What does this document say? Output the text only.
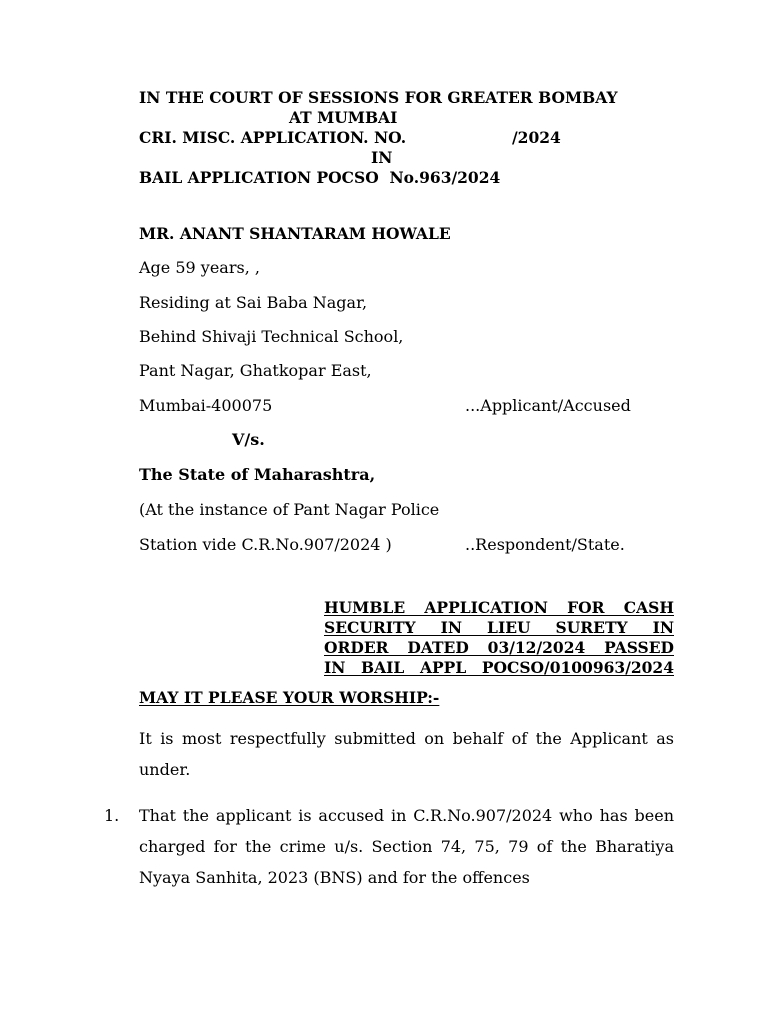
IN THE COURT OF SESSIONS FOR GREATER BOMBAY
AT MUMBAI
CRI. MISC. APPLICATION. NO.	/2024
IN
BAIL APPLICATION POCSO  No.963/2024
MR. ANANT SHANTARAM HOWALE
Age 59 years, ,
Residing at Sai Baba Nagar,
Behind Shivaji Technical School,
Pant Nagar, Ghatkopar East,
Mumbai-400075	...Applicant/Accused
V/s.
The State of Maharashtra,
(At the instance of Pant Nagar Police
Station vide C.R.No.907/2024 )	..Respondent/State.
HUMBLE APPLICATION FOR CASH
SECURITY IN LIEU SURETY IN
ORDER DATED 03/12/2024 PASSED
IN BAIL APPL POCSO/0100963/2024
MAY IT PLEASE YOUR WORSHIP:-
It is most respectfully submitted on behalf of the Applicant as under.
1. That the applicant is accused in C.R.No.907/2024 who has been charged for the crime u/s. Section 74, 75, 79 of the Bharatiya Nyaya Sanhita, 2023 (BNS) and for the offences
